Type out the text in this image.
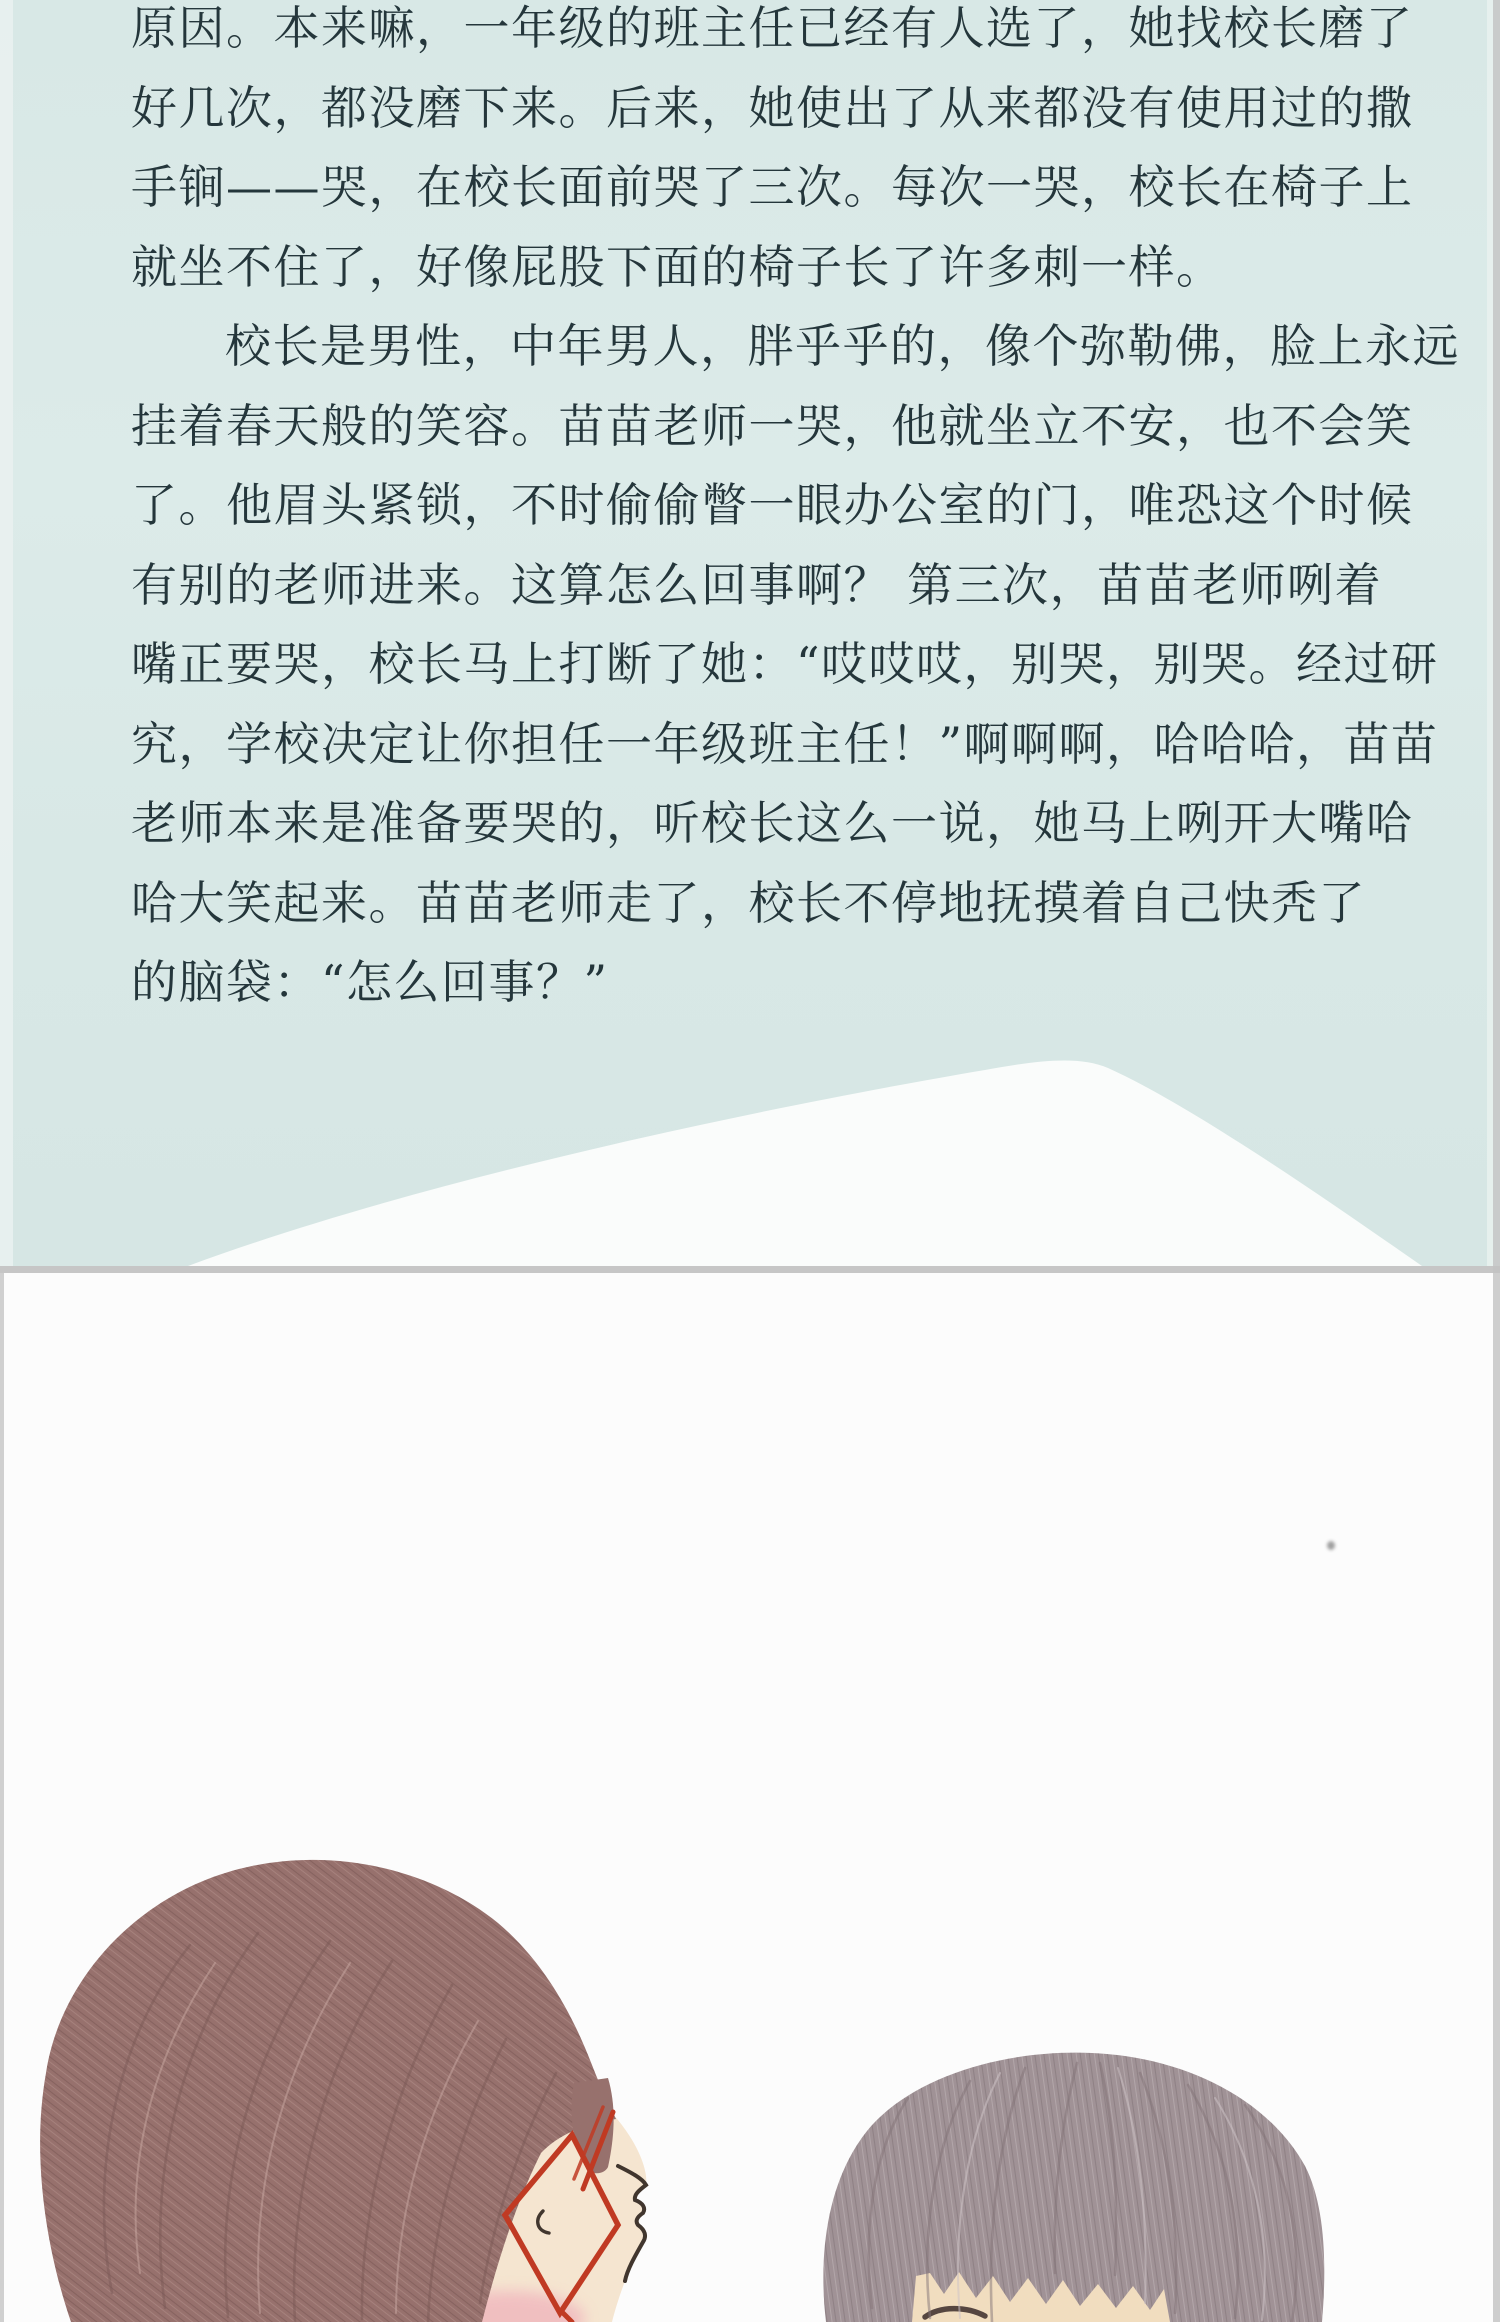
原因。本来嘛，一年级的班主任已经有人选了，她找校长磨了
好几次，都没磨下来。后来，她使出了从来都没有使用过的撒
手锏——哭，在校长面前哭了三次。每次一哭，校长在椅子上
就坐不住了，好像屁股下面的椅子长了许多刺一样。

校长是男性，中年男人，胖乎乎的，像个弥勒佛，脸上永远
挂着春天般的笑容。苗苗老师一哭，他就坐立不安，也不会笑
了。他眉头紧锁，不时偷偷瞥一眼办公室的门，唯恐这个时候
有别的老师进来。这算怎么回事啊？ 第三次，苗苗老师咧着
嘴正要哭，校长马上打断了她：“哎哎哎，别哭，别哭。经过研
究，学校决定让你担任一年级班主任！”啊啊啊，哈哈哈，苗苗
老师本来是准备要哭的，听校长这么一说，她马上咧开大嘴哈
哈大笑起来。苗苗老师走了，校长不停地抚摸着自己快秃了
的脑袋：“怎么回事？”
